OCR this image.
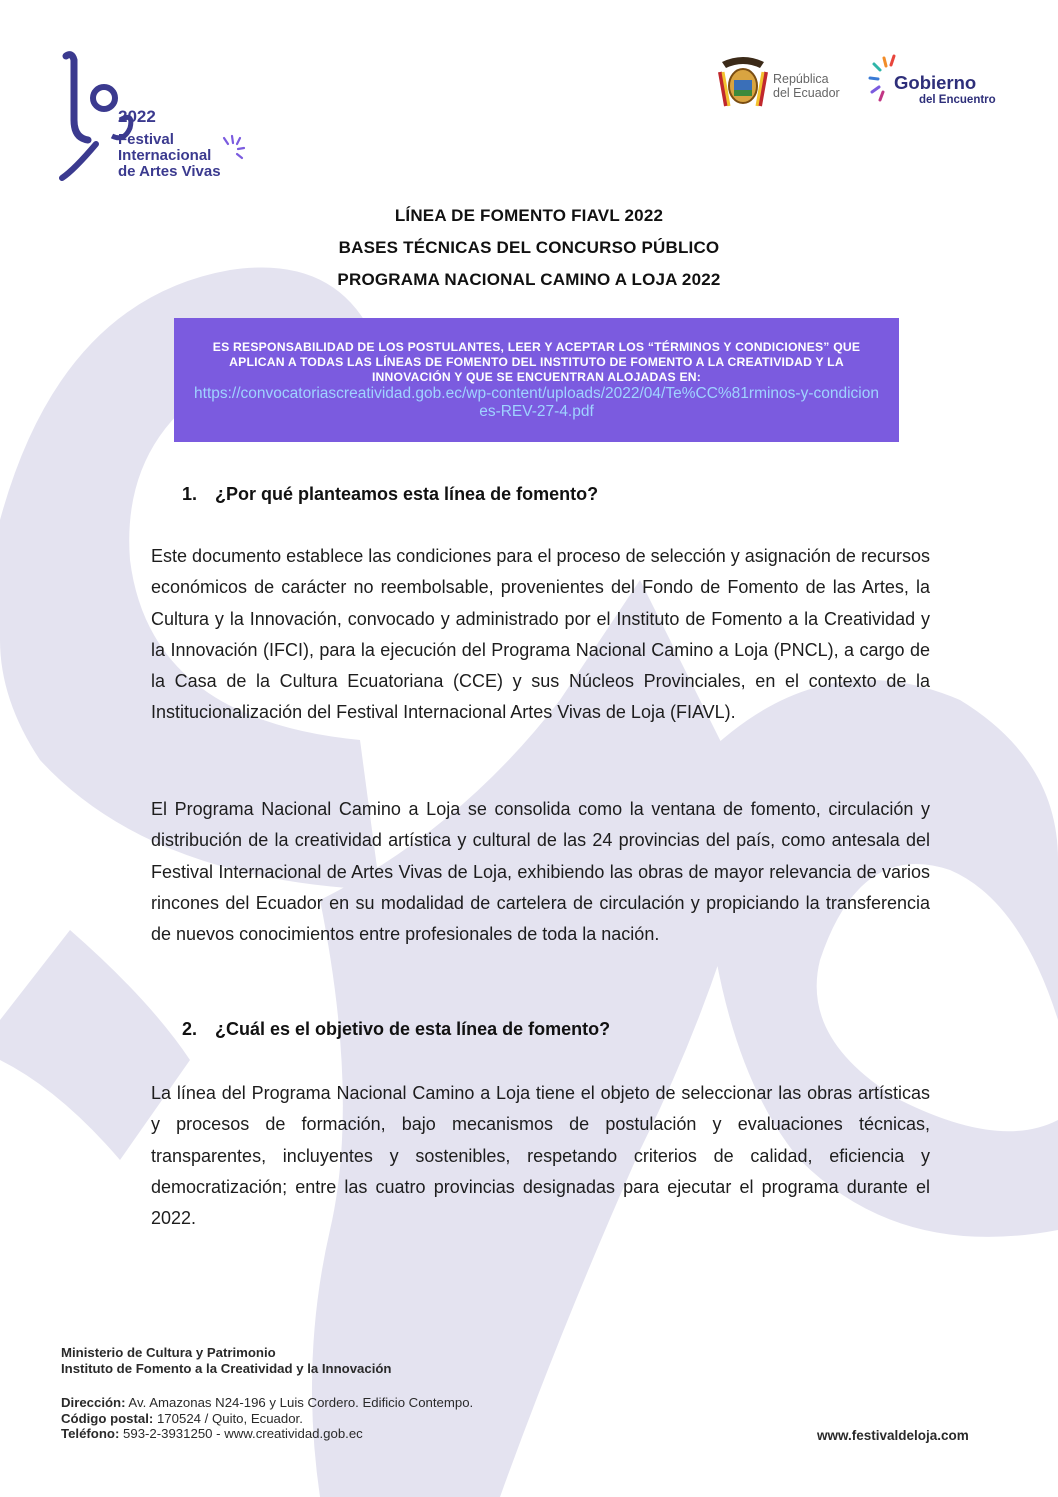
2022
Festival
Internacional
de Artes Vivas
República
del Ecuador	Gobierno
del Encuentro
LÍNEA DE FOMENTO FIAVL 2022
BASES TÉCNICAS DEL CONCURSO PÚBLICO
PROGRAMA NACIONAL CAMINO A LOJA 2022
ES RESPONSABILIDAD DE LOS POSTULANTES, LEER Y ACEPTAR LOS “TÉRMINOS Y CONDICIONES” QUE APLICAN A TODAS LAS LÍNEAS DE FOMENTO DEL INSTITUTO DE FOMENTO A LA CREATIVIDAD Y LA INNOVACIÓN Y QUE SE ENCUENTRAN ALOJADAS EN:
https://convocatoriascreatividad.gob.ec/wp-content/uploads/2022/04/Te%CC%81rminos-y-condiciones-REV-27-4.pdf
1. ¿Por qué planteamos esta línea de fomento?
Este documento establece las condiciones para el proceso de selección y asignación de recursos económicos de carácter no reembolsable, provenientes del Fondo de Fomento de las Artes, la Cultura y la Innovación, convocado y administrado por el Instituto de Fomento a la Creatividad y la Innovación (IFCI), para la ejecución del Programa Nacional Camino a Loja (PNCL), a cargo de la Casa de la Cultura Ecuatoriana (CCE) y sus Núcleos Provinciales, en el contexto de la Institucionalización del Festival Internacional Artes Vivas de Loja (FIAVL).
El Programa Nacional Camino a Loja se consolida como la ventana de fomento, circulación y distribución de la creatividad artística y cultural de las 24 provincias del país, como antesala del Festival Internacional de Artes Vivas de Loja, exhibiendo las obras de mayor relevancia de varios rincones del Ecuador en su modalidad de cartelera de circulación y propiciando la transferencia de nuevos conocimientos entre profesionales de toda la nación.
2. ¿Cuál es el objetivo de esta línea de fomento?
La línea del Programa Nacional Camino a Loja tiene el objeto de seleccionar las obras artísticas y procesos de formación, bajo mecanismos de postulación y evaluaciones técnicas, transparentes, incluyentes y sostenibles, respetando criterios de calidad, eficiencia y democratización; entre las cuatro provincias designadas para ejecutar el programa durante el 2022.
Ministerio de Cultura y Patrimonio
Instituto de Fomento a la Creatividad y la Innovación
Dirección: Av. Amazonas N24-196 y Luis Cordero. Edificio Contempo.
Código postal: 170524 / Quito, Ecuador.
Teléfono: 593-2-3931250 - www.creatividad.gob.ec	www.festivaldeloja.com
